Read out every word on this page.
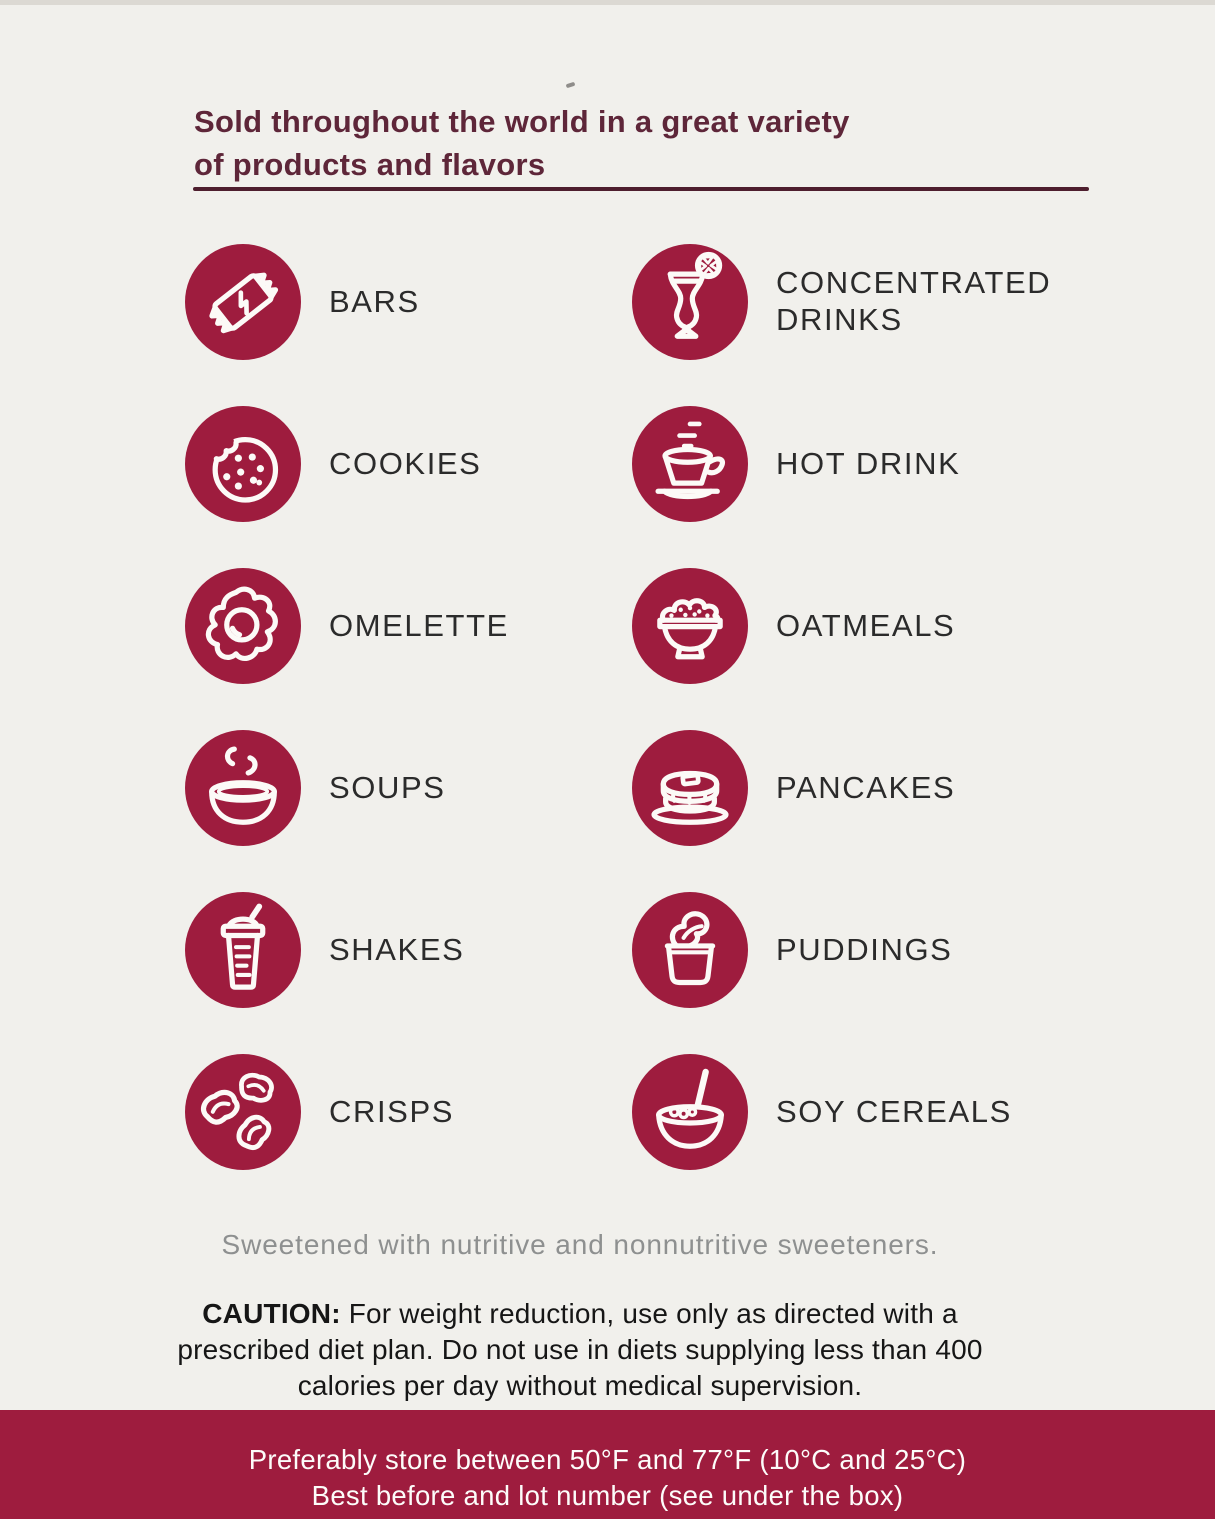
Sold throughout the world in a great variety
of products and flavors
BARS
COOKIES
OMELETTE
SOUPS
SHAKES
CRISPS
CONCENTRATED DRINKS
HOT DRINK
OATMEALS
PANCAKES
PUDDINGS
SOY CEREALS
Sweetened with nutritive and nonnutritive sweeteners.
CAUTION: For weight reduction, use only as directed with a
prescribed diet plan. Do not use in diets supplying less than 400
calories per day without medical supervision.
Preferably store between 50°F and 77°F (10°C and 25°C)
Best before and lot number (see under the box)
